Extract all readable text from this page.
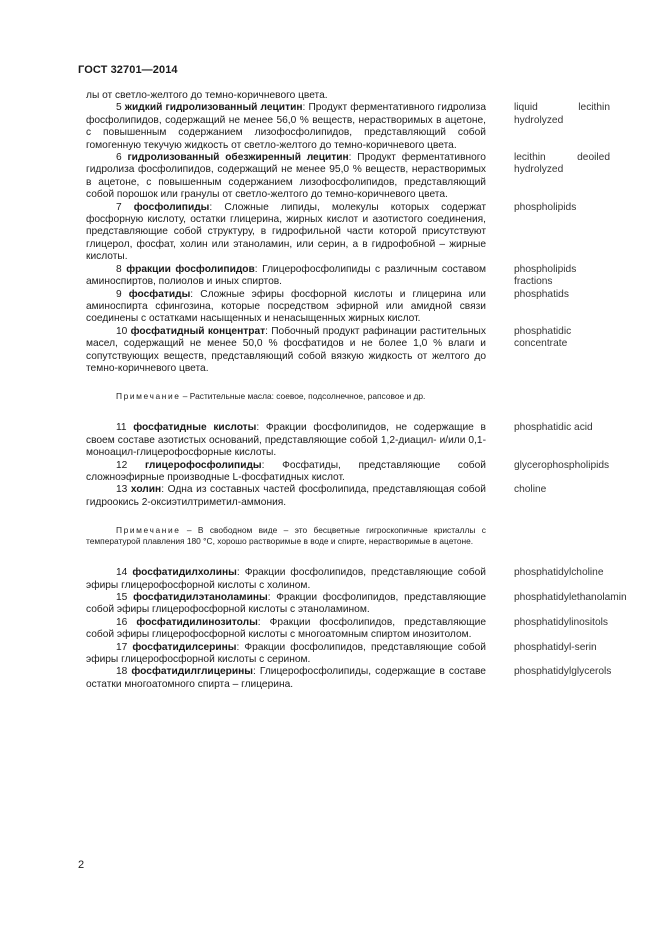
ГОСТ 32701—2014

лы от светло-желтого до темно-коричневого цвета.

5 жидкий гидролизованный лецитин: Продукт ферментативного гидролиза фосфолипидов, содержащий не менее 56,0 % веществ, нерастворимых в ацетоне, с повышенным содержанием лизофосфолипидов, представляющий собой гомогенную текучую жидкость от светло-желтого до темно-коричневого цвета.

liquid lecithin hydrolyzed

6 гидролизованный обезжиренный лецитин: Продукт ферментативного гидролиза фосфолипидов, содержащий не менее 95,0 % веществ, нерастворимых в ацетоне, с повышенным содержанием лизофосфолипидов, представляющий собой порошок или гранулы от светло-желтого до темно-коричневого цвета.

lecithin deoiled hydrolyzed

7 фосфолипиды: Сложные липиды, молекулы которых содержат фосфорную кислоту, остатки глицерина, жирных кислот и азотистого соединения, представляющие собой структуру, в гидрофильной части которой присутствуют глицерол, фосфат, холин или этаноламин, или серин, а в гидрофобной – жирные кислоты.

phospholipids

8 фракции фосфолипидов: Глицерофосфолипиды с различным составом аминоспиртов, полиолов и иных спиртов.

phospholipids fractions

9 фосфатиды: Сложные эфиры фосфорной кислоты и глицерина или аминоспирта сфингозина, которые посредством эфирной или амидной связи соединены с остатками насыщенных и ненасыщенных жирных кислот.

phosphatids

10 фосфатидный концентрат: Побочный продукт рафинации растительных масел, содержащий не менее 50,0 % фосфатидов и не более 1,0 % влаги и сопутствующих веществ, представляющий собой вязкую жидкость от желтого до темно-коричневого цвета.

phosphatidic concentrate

Примечание – Растительные масла: соевое, подсолнечное, рапсовое и др.

11 фосфатидные кислоты: Фракции фосфолипидов, не содержащие в своем составе азотистых оснований, представляющие собой 1,2-диацил- и/или 0,1-моноацил-глицерофосфорные кислоты.

phosphatidic acid

12 глицерофосфолипиды: Фосфатиды, представляющие собой сложноэфирные производные L-фосфатидных кислот.

glycerophospholipids

13 холин: Одна из составных частей фосфолипида, представляющая собой гидроокись 2-оксиэтилтриметил-аммония.

choline

Примечание – В свободном виде – это бесцветные гигроскопичные кристаллы с температурой плавления 180 °С, хорошо растворимые в воде и спирте, нерастворимые в ацетоне.

14 фосфатидилхолины: Фракции фосфолипидов, представляющие собой эфиры глицерофосфорной кислоты с холином.

phosphatidylcholine

15 фосфатидилэтаноламины: Фракции фосфолипидов, представляющие собой эфиры глицерофосфорной кислоты с этаноламином.

phosphatidylethanolamin

16 фосфатидилинозитолы: Фракции фосфолипидов, представляющие собой эфиры глицерофосфорной кислоты с многоатомным спиртом инозитолом.

phosphatidylinositols

17 фосфатидилсерины: Фракции фосфолипидов, представляющие собой эфиры глицерофосфорной кислоты с серином.

phosphatidyl-serin

18 фосфатидилглицерины: Глицерофосфолипиды, содержащие в составе остатки многоатомного спирта – глицерина.

phosphatidylglycerols
2
